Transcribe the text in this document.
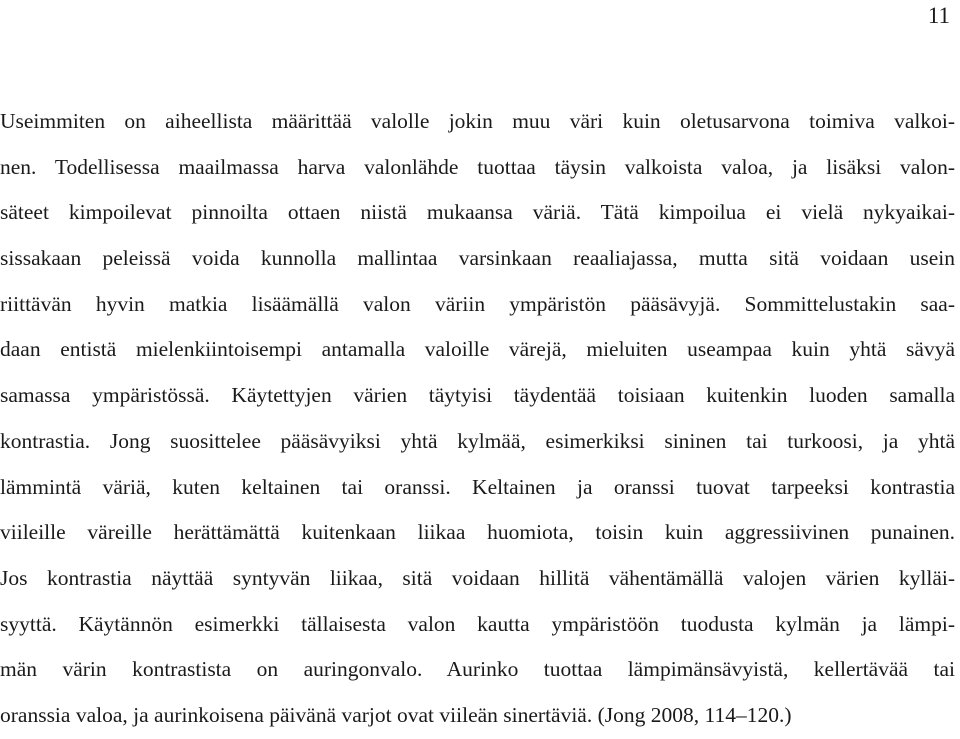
11
Useimmiten on aiheellista määrittää valolle jokin muu väri kuin oletusarvona toimiva valkoi-
nen. Todellisessa maailmassa harva valonlähde tuottaa täysin valkoista valoa, ja lisäksi valon-
säteet kimpoilevat pinnoilta ottaen niistä mukaansa väriä. Tätä kimpoilua ei vielä nykyaikai-
sissakaan peleissä voida kunnolla mallintaa varsinkaan reaaliajassa, mutta sitä voidaan usein
riittävän hyvin matkia lisäämällä valon väriin ympäristön pääsävyjä. Sommittelustakin saa-
daan entistä mielenkiintoisempi antamalla valoille värejä, mieluiten useampaa kuin yhtä sävyä
samassa ympäristössä. Käytettyjen värien täytyisi täydentää toisiaan kuitenkin luoden samalla
kontrastia. Jong suosittelee pääsävyiksi yhtä kylmää, esimerkiksi sininen tai turkoosi, ja yhtä
lämmintä väriä, kuten keltainen tai oranssi. Keltainen ja oranssi tuovat tarpeeksi kontrastia
viileille väreille herättämättä kuitenkaan liikaa huomiota, toisin kuin aggressiivinen punainen.
Jos kontrastia näyttää syntyvän liikaa, sitä voidaan hillitä vähentämällä valojen värien kylläi-
syyttä. Käytännön esimerkki tällaisesta valon kautta ympäristöön tuodusta kylmän ja lämpi-
män värin kontrastista on auringonvalo. Aurinko tuottaa lämpimänsävyistä, kellertävää tai
oranssia valoa, ja aurinkoisena päivänä varjot ovat viileän sinertäviä. (Jong 2008, 114–120.)
